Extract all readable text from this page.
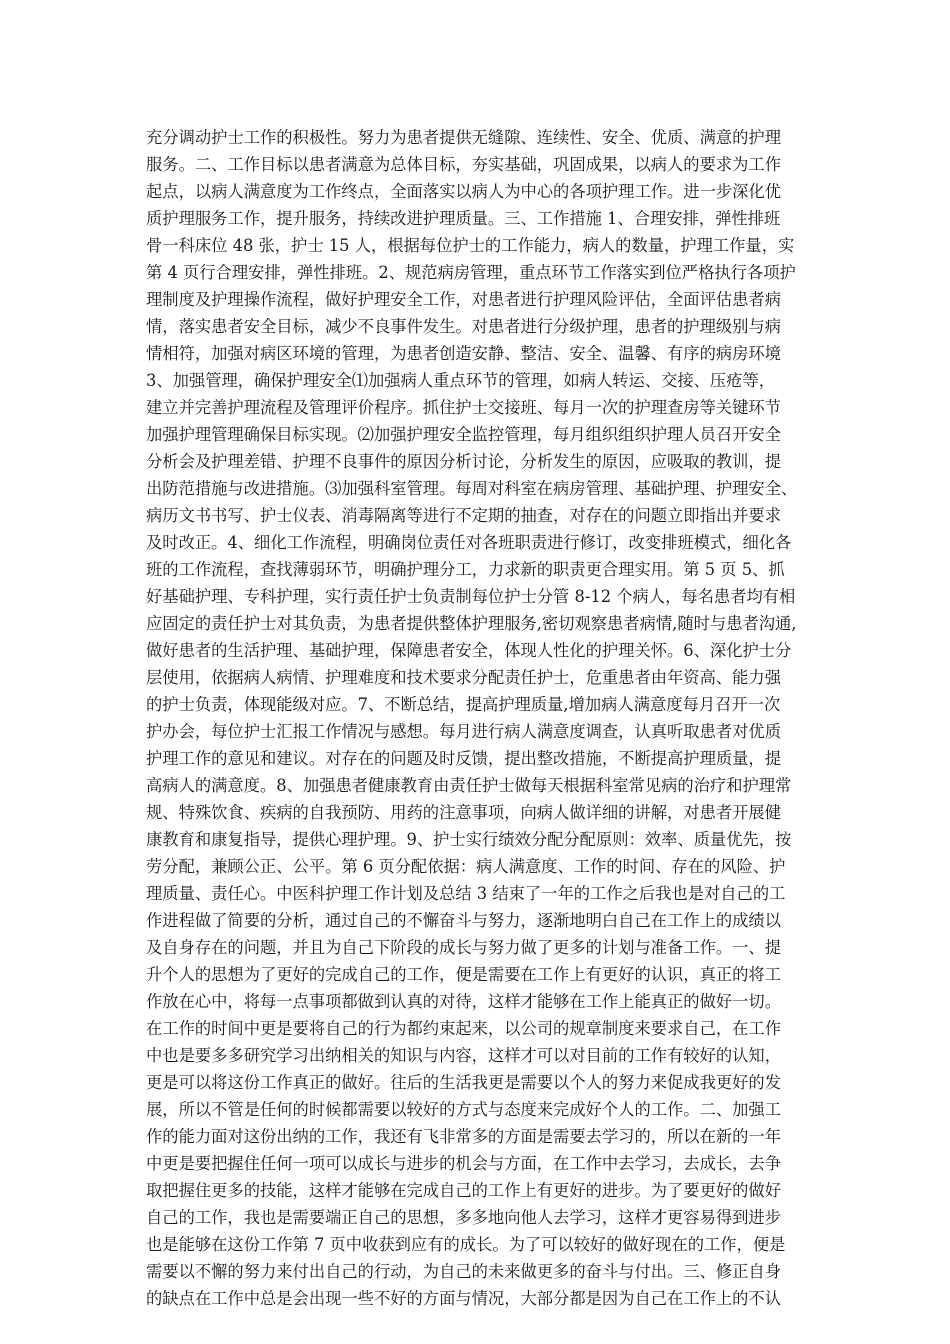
充分调动护士工作的积极性。努力为患者提供无缝隙、连续性、安全、优质、满意的护理
服务。二、工作目标以患者满意为总体目标，夯实基础，巩固成果，以病人的要求为工作
起点，以病人满意度为工作终点，全面落实以病人为中心的各项护理工作。进一步深化优
质护理服务工作，提升服务，持续改进护理质量。三、工作措施 1、合理安排，弹性排班
骨一科床位 48 张，护士 15 人，根据每位护士的工作能力，病人的数量，护理工作量，实
第 4 页行合理安排，弹性排班。2、规范病房管理，重点环节工作落实到位严格执行各项护
理制度及护理操作流程，做好护理安全工作，对患者进行护理风险评估，全面评估患者病
情，落实患者安全目标，减少不良事件发生。对患者进行分级护理，患者的护理级别与病
情相符，加强对病区环境的管理，为患者创造安静、整洁、安全、温馨、有序的病房环境
3、加强管理，确保护理安全⑴加强病人重点环节的管理，如病人转运、交接、压疮等，
建立并完善护理流程及管理评价程序。抓住护士交接班、每月一次的护理查房等关键环节
加强护理管理确保目标实现。⑵加强护理安全监控管理，每月组织组织护理人员召开安全
分析会及护理差错、护理不良事件的原因分析讨论，分析发生的原因，应吸取的教训，提
出防范措施与改进措施。⑶加强科室管理。每周对科室在病房管理、基础护理、护理安全、
病历文书书写、护士仪表、消毒隔离等进行不定期的抽查，对存在的问题立即指出并要求
及时改正。4、细化工作流程，明确岗位责任对各班职责进行修订，改变排班模式，细化各
班的工作流程，查找薄弱环节，明确护理分工，力求新的职责更合理实用。第 5 页 5、抓
好基础护理、专科护理，实行责任护士负责制每位护士分管 8-12 个病人，每名患者均有相
应固定的责任护士对其负责，为患者提供整体护理服务,密切观察患者病情,随时与患者沟通,
做好患者的生活护理、基础护理，保障患者安全，体现人性化的护理关怀。6、深化护士分
层使用，依据病人病情、护理难度和技术要求分配责任护士，危重患者由年资高、能力强
的护士负责，体现能级对应。7、不断总结，提高护理质量,增加病人满意度每月召开一次
护办会，每位护士汇报工作情况与感想。每月进行病人满意度调查，认真听取患者对优质
护理工作的意见和建议。对存在的问题及时反馈，提出整改措施，不断提高护理质量，提
高病人的满意度。8、加强患者健康教育由责任护士做每天根据科室常见病的治疗和护理常
规、特殊饮食、疾病的自我预防、用药的注意事项，向病人做详细的讲解，对患者开展健
康教育和康复指导，提供心理护理。9、护士实行绩效分配分配原则：效率、质量优先，按
劳分配，兼顾公正、公平。第 6 页分配依据：病人满意度、工作的时间、存在的风险、护
理质量、责任心。中医科护理工作计划及总结 3 结束了一年的工作之后我也是对自己的工
作进程做了简要的分析，通过自己的不懈奋斗与努力，逐渐地明白自己在工作上的成绩以
及自身存在的问题，并且为自己下阶段的成长与努力做了更多的计划与准备工作。一、提
升个人的思想为了更好的完成自己的工作，便是需要在工作上有更好的认识，真正的将工
作放在心中，将每一点事项都做到认真的对待，这样才能够在工作上能真正的做好一切。
在工作的时间中更是要将自己的行为都约束起来，以公司的规章制度来要求自己，在工作
中也是要多多研究学习出纳相关的知识与内容，这样才可以对目前的工作有较好的认知，
更是可以将这份工作真正的做好。往后的生活我更是需要以个人的努力来促成我更好的发
展，所以不管是任何的时候都需要以较好的方式与态度来完成好个人的工作。二、加强工
作的能力面对这份出纳的工作，我还有飞非常多的方面是需要去学习的，所以在新的一年
中更是要把握住任何一项可以成长与进步的机会与方面，在工作中去学习，去成长，去争
取把握住更多的技能，这样才能够在完成自己的工作上有更好的进步。为了要更好的做好
自己的工作，我也是需要端正自己的思想，多多地向他人去学习，这样才更容易得到进步
也是能够在这份工作第 7 页中收获到应有的成长。为了可以较好的做好现在的工作，便是
需要以不懈的努力来付出自己的行动，为自己的未来做更多的奋斗与付出。三、修正自身
的缺点在工作中总是会出现一些不好的方面与情况，大部分都是因为自己在工作上的不认
